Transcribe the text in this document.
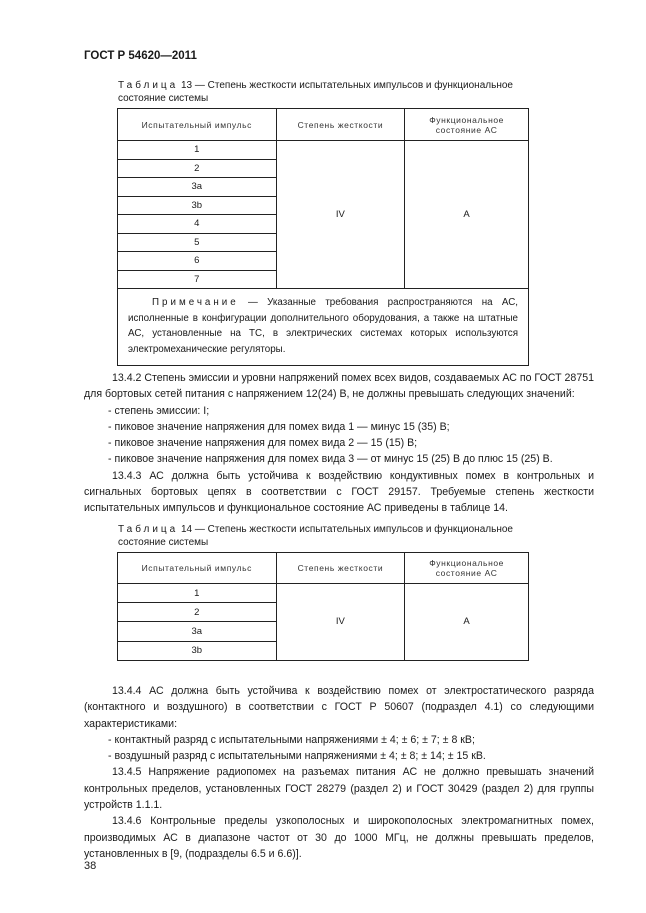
ГОСТ Р 54620—2011
Таблица 13 — Степень жесткости испытательных импульсов и функциональное состояние системы
Испытательный импульс	Степень жесткости	Функциональное состояние АС
1	IV	А
2		
3a		
3b		
4		
5		
6		
7		
Примечание — Указанные требования распространяются на АС, исполненные в конфигурации дополнительного оборудования, а также на штатные АС, установленные на ТС, в электрических системах которых используются электромеханические регуляторы.		

13.4.2 Степень эмиссии и уровни напряжений помех всех видов, создаваемых АС по ГОСТ 28751 для бортовых сетей питания с напряжением 12(24) В, не должны превышать следующих значений:

- степень эмиссии: I;

- пиковое значение напряжения для помех вида 1 — минус 15 (35) В;

- пиковое значение напряжения для помех вида 2 — 15 (15) В;

- пиковое значение напряжения для помех вида 3 — от минус 15 (25) В до плюс 15 (25) В.

13.4.3 АС должна быть устойчива к воздействию кондуктивных помех в контрольных и сигнальных бортовых цепях в соответствии с ГОСТ 29157. Требуемые степень жесткости испытательных импульсов и функциональное состояние АС приведены в таблице 14.

Таблица 14 — Степень жесткости испытательных импульсов и функциональное состояние системы
Испытательный импульс	Степень жесткости	Функциональное состояние АС
1	IV	А
2		
3a		
3b		

13.4.4 АС должна быть устойчива к воздействию помех от электростатического разряда (контактного и воздушного) в соответствии с ГОСТ Р 50607 (подраздел 4.1) со следующими характеристиками:

- контактный разряд с испытательными напряжениями ± 4; ± 6; ± 7; ± 8 кВ;

- воздушный разряд с испытательными напряжениями ± 4; ± 8; ± 14; ± 15 кВ.

13.4.5 Напряжение радиопомех на разъемах питания АС не должно превышать значений контрольных пределов, установленных ГОСТ 28279 (раздел 2) и ГОСТ 30429 (раздел 2) для группы устройств 1.1.1.

13.4.6 Контрольные пределы узкополосных и широкополосных электромагнитных помех, производимых АС в диапазоне частот от 30 до 1000 МГц, не должны превышать пределов, установленных в [9, (подразделы 6.5 и 6.6)].

38
